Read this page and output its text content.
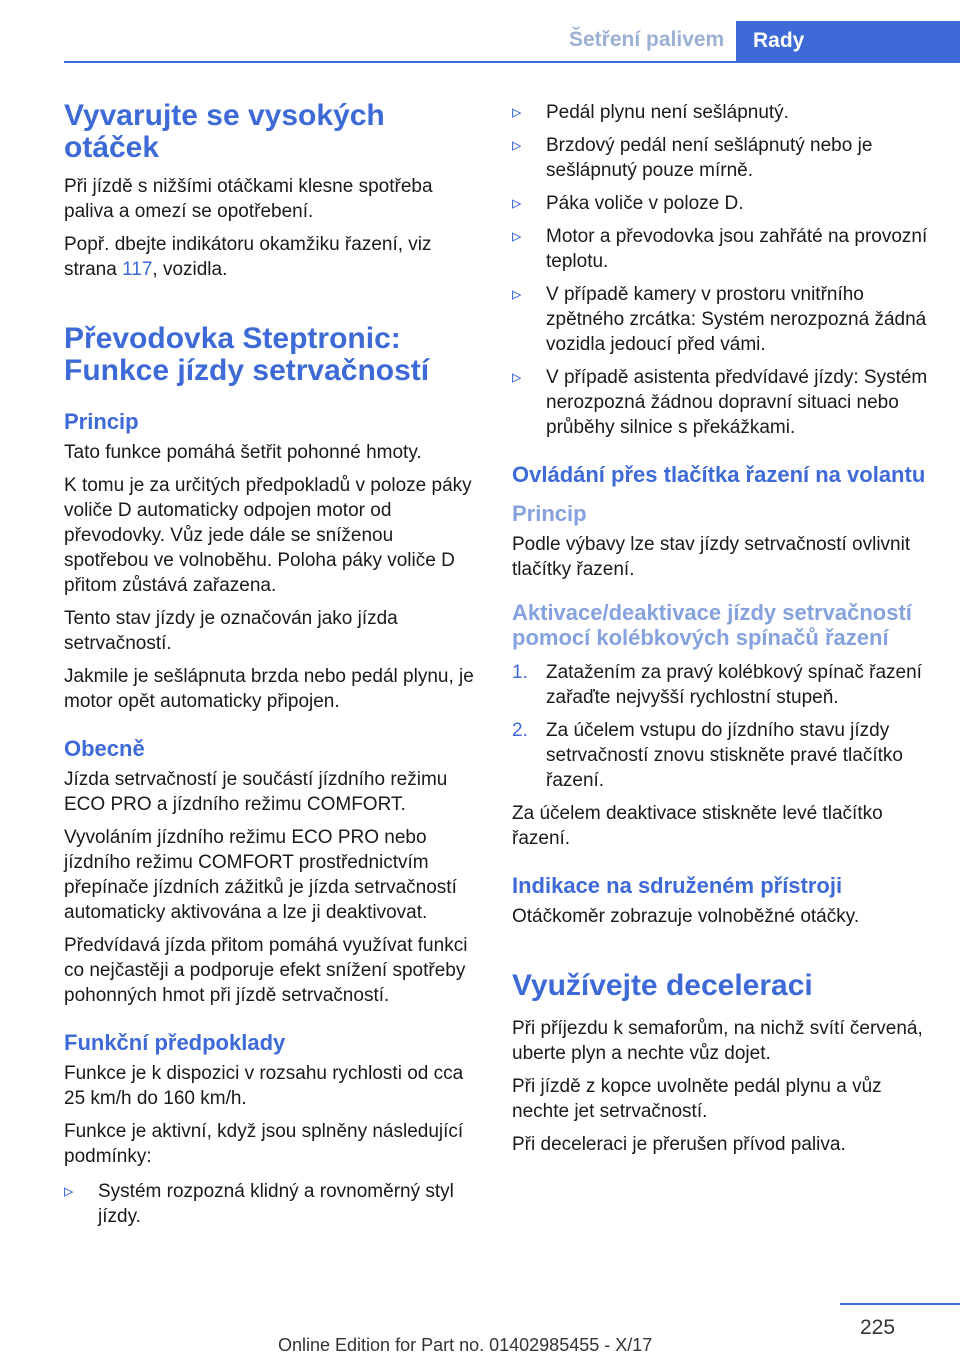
Šetření palivem	Rady
Vyvarujte se vysokých otáček

Při jízdě s nižšími otáčkami klesne spotřeba paliva a omezí se opotřebení.

Popř. dbejte indikátoru okamžiku řazení, viz strana 117, vozidla.

Převodovka Steptronic: Funkce jízdy setrvačností
Princip

Tato funkce pomáhá šetřit pohonné hmoty.

K tomu je za určitých předpokladů v poloze páky voliče D automaticky odpojen motor od převodovky. Vůz jede dále se sníženou spotřebou ve volnoběhu. Poloha páky voliče D přitom zůstává zařazena.

Tento stav jízdy je označován jako jízda setrvačností.

Jakmile je sešlápnuta brzda nebo pedál plynu, je motor opět automaticky připojen.

Obecně

Jízda setrvačností je součástí jízdního režimu ECO PRO a jízdního režimu COMFORT.

Vyvoláním jízdního režimu ECO PRO nebo jízdního režimu COMFORT prostřednictvím přepínače jízdních zážitků je jízda setrvačností automaticky aktivována a lze ji deaktivovat.

Předvídavá jízda přitom pomáhá využívat funkci co nejčastěji a podporuje efekt snížení spotřeby pohonných hmot při jízdě setrvačností.

Funkční předpoklady

Funkce je k dispozici v rozsahu rychlosti od cca 25 km/h do 160 km/h.

Funkce je aktivní, když jsou splněny následující podmínky:

▹ Systém rozpozná klidný a rovnoměrný styl jízdy.
▹ Pedál plynu není sešlápnutý.
▹ Brzdový pedál není sešlápnutý nebo je sešlápnutý pouze mírně.
▹ Páka voliče v poloze D.
▹ Motor a převodovka jsou zahřáté na provozní teplotu.
▹ V případě kamery v prostoru vnitřního zpětného zrcátka: Systém nerozpozná žádná vozidla jedoucí před vámi.
▹ V případě asistenta předvídavé jízdy: Systém nerozpozná žádnou dopravní situaci nebo průběhy silnice s překážkami.
Ovládání přes tlačítka řazení na volantu
Princip

Podle výbavy lze stav jízdy setrvačností ovlivnit tlačítky řazení.

Aktivace/deaktivace jízdy setrvačností pomocí kolébkových spínačů řazení
1. Zatažením za pravý kolébkový spínač řazení zařaďte nejvyšší rychlostní stupeň.
2. Za účelem vstupu do jízdního stavu jízdy setrvačností znovu stiskněte pravé tlačítko řazení.

Za účelem deaktivace stiskněte levé tlačítko řazení.

Indikace na sdruženém přístroji

Otáčkoměr zobrazuje volnoběžné otáčky.

Využívejte deceleraci

Při příjezdu k semaforům, na nichž svítí červená, uberte plyn a nechte vůz dojet.

Při jízdě z kopce uvolněte pedál plynu a vůz nechte jet setrvačností.

Při deceleraci je přerušen přívod paliva.

225
Online Edition for Part no. 01402985455 - X/17
